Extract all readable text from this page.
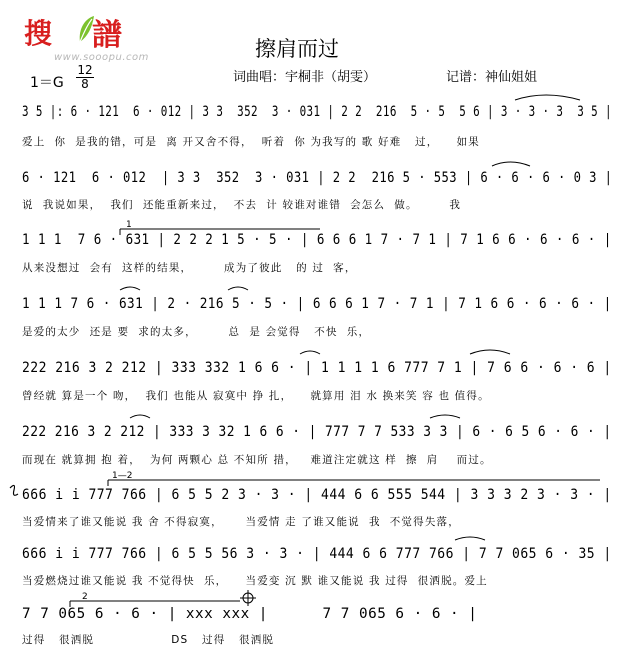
搜 譜
www.sooopu.com	擦肩而过
词曲唱：宇桐非（胡雯）	记谱：神仙姐姐
1＝G
12
8
3 5 |: 6 · 121  6 · 012 | 3 3  352  3 · 031 | 2 2  216  5 · 5  5 6 | 3 · 3 · 3  3 5 |
爱上  你  是我的错，可是  离 开又舍不得，  听着  你 为我写的 歌 好难   过，    如果
6 · 121  6 · 012  | 3 3  352  3 · 031 | 2 2  216 5 · 553 | 6 · 6 · 6 · 0 3 |
说  我说如果，  我们  还能重新来过，  不去  计 较谁对谁错  会怎么  做。       我
1 1 1  7 6 · 631 | 2 2 2 1 5 · 5 · | 6 6 6 1 7 · 7 1 | 7 1 6 6 · 6 · 6 · |
从来没想过  会有  这样的结果，       成为了彼此   的 过  客，
1 1 1 7 6 · 631 | 2 · 216 5 · 5 · | 6 6 6 1 7 · 7 1 | 7 1 6 6 · 6 · 6 · |
是爱的太少  还是 要  求的太多，       总  是 会觉得   不快  乐，
222 216 3 2 212 | 333 332 1 6 6 · | 1 1 1 1 6 777 7 1 | 7 6 6 · 6 · 6 |
曾经就 算是一个 吻，  我们 也能从 寂寞中 挣 扎，    就算用 泪 水 换来笑 容 也 值得。
222 216 3 2 212 | 333 3 32 1 6 6 · | 777 7 7 533 3 3 | 6 · 6 5 6 · 6 · |
而现在 就算拥 抱 着，  为何 两颗心 总 不知所 措，   难道注定就这 样  擦  肩    而过。
666 i i 777 766 | 6 5 5 2 3 · 3 · | 444 6 6 555 544 | 3 3 3 2 3 · 3 · |
当爱情来了谁又能说 我 舍 不得寂寞，     当爱情 走 了谁又能说  我  不觉得失落，
666 i i 777 766 | 6 5 5 56 3 · 3 · | 444 6 6 777 766 | 7 7 065 6 · 35 |
当爱燃烧过谁又能说 我 不觉得快  乐，    当爱变 沉 默 谁又能说 我 过得  很洒脱。爱上
7 7 065 6 · 6 · | xxx xxx |      7 7 065 6 · 6 · |
过得   很洒脱                 DS   过得   很洒脱
1
1—2
2
